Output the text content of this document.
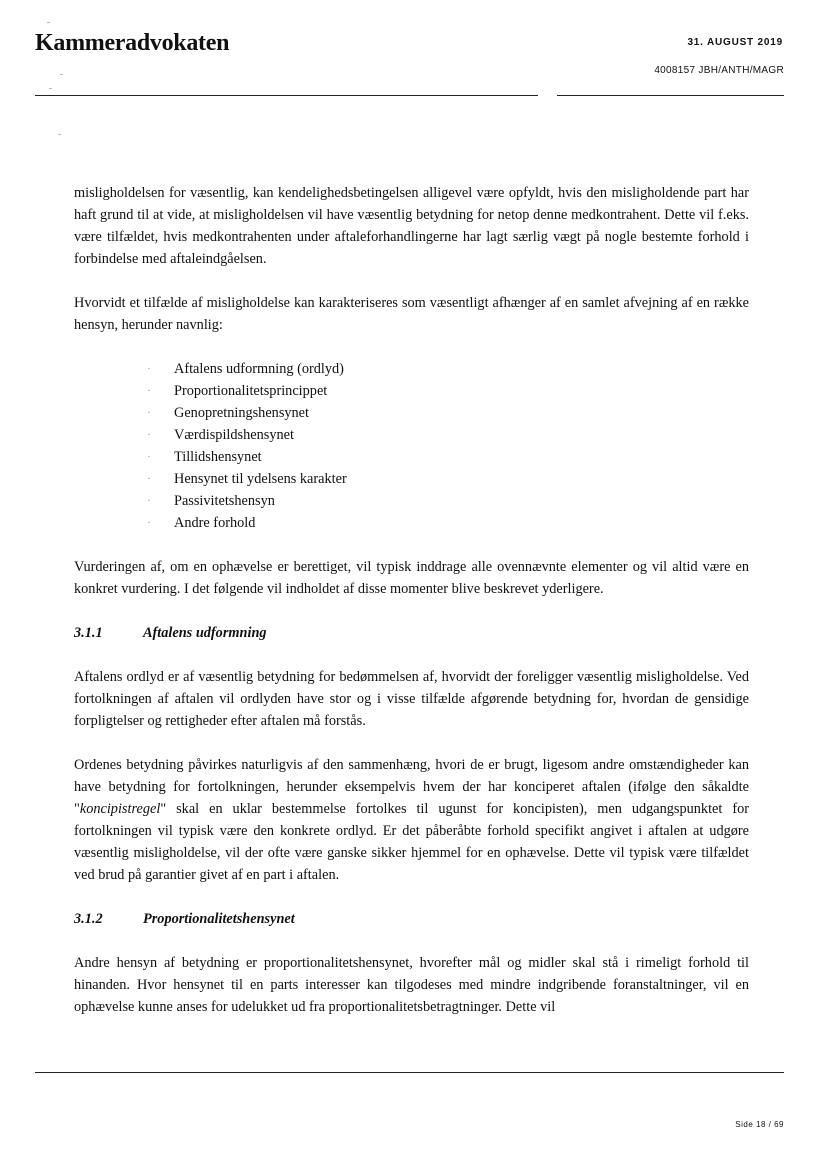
Kammeradvokaten	31. AUGUST 2019
4008157 JBH/ANTH/MAGR

misligholdelsen for væsentlig, kan kendelighedsbetingelsen alligevel være opfyldt, hvis den misligholdende part har haft grund til at vide, at misligholdelsen vil have væsentlig betydning for netop denne medkontrahent. Dette vil f.eks. være tilfældet, hvis medkontrahenten under aftaleforhandlingerne har lagt særlig vægt på nogle bestemte forhold i forbindelse med aftaleindgåelsen.

Hvorvidt et tilfælde af misligholdelse kan karakteriseres som væsentligt afhænger af en samlet afvejning af en række hensyn, herunder navnlig:

· Aftalens udformning (ordlyd)
· Proportionalitetsprincippet
· Genopretningshensynet
· Værdispildshensynet
· Tillidshensynet
· Hensynet til ydelsens karakter
· Passivitetshensyn
· Andre forhold

Vurderingen af, om en ophævelse er berettiget, vil typisk inddrage alle ovennævnte elementer og vil altid være en konkret vurdering. I det følgende vil indholdet af disse momenter blive beskrevet yderligere.

3.1.1	Aftalens udformning

Aftalens ordlyd er af væsentlig betydning for bedømmelsen af, hvorvidt der foreligger væsentlig misligholdelse. Ved fortolkningen af aftalen vil ordlyden have stor og i visse tilfælde afgørende betydning for, hvordan de gensidige forpligtelser og rettigheder efter aftalen må forstås.

Ordenes betydning påvirkes naturligvis af den sammenhæng, hvori de er brugt, ligesom andre omstændigheder kan have betydning for fortolkningen, herunder eksempelvis hvem der har konciperet aftalen (ifølge den såkaldte "koncipistregel" skal en uklar bestemmelse fortolkes til ugunst for koncipisten), men udgangspunktet for fortolkningen vil typisk være den konkrete ordlyd. Er det påberåbte forhold specifikt angivet i aftalen at udgøre væsentlig misligholdelse, vil der ofte være ganske sikker hjemmel for en ophævelse. Dette vil typisk være tilfældet ved brud på garantier givet af en part i aftalen.

3.1.2	Proportionalitetshensynet

Andre hensyn af betydning er proportionalitetshensynet, hvorefter mål og midler skal stå i rimeligt forhold til hinanden. Hvor hensynet til en parts interesser kan tilgodeses med mindre indgribende foranstaltninger, vil en ophævelse kunne anses for udelukket ud fra proportionalitetsbetragtninger. Dette vil

Side 18 / 69
